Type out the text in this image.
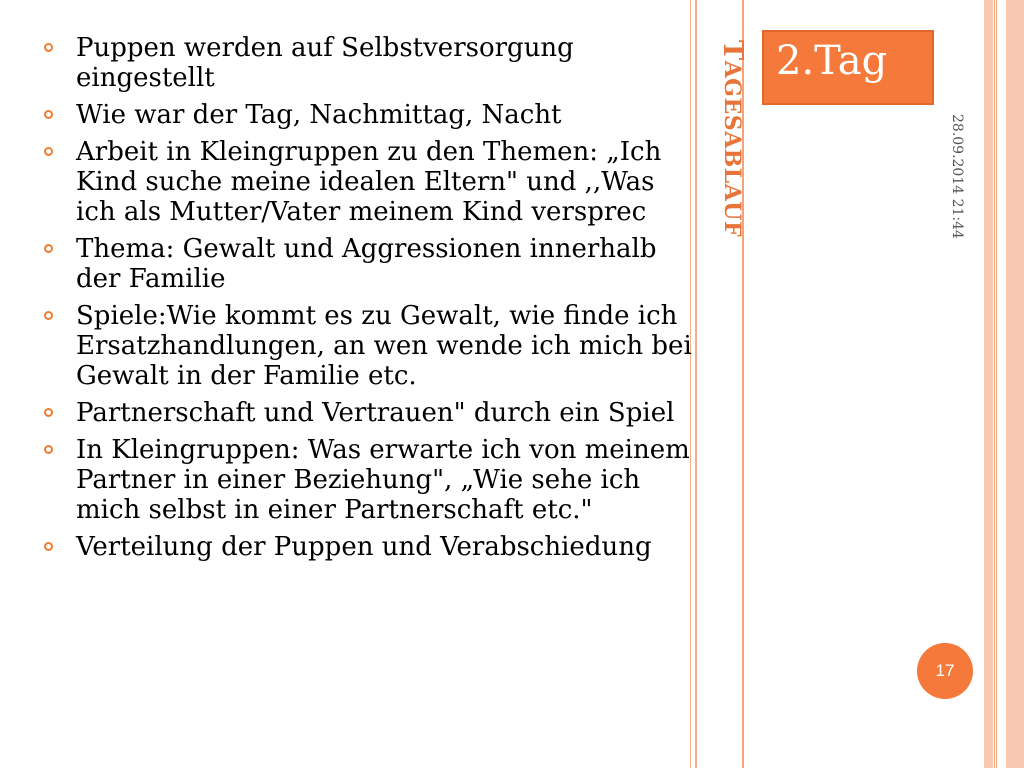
Puppen werden auf Selbstversorgung eingestellt
Wie war der Tag, Nachmittag, Nacht
Arbeit in Kleingruppen zu den Themen: „Ich Kind suche meine idealen Eltern" und ,,Was ich als Mutter/Vater meinem Kind versprec
Thema: Gewalt und Aggressionen innerhalb der Familie
Spiele:Wie kommt es zu Gewalt, wie finde ich Ersatzhandlungen, an wen wende ich mich bei Gewalt in der Familie etc.
Partnerschaft und Vertrauen" durch ein Spiel
In Kleingruppen: Was erwarte ich von meinem Partner in einer Beziehung", „Wie sehe ich mich selbst in einer Partnerschaft etc."
Verteilung der Puppen und Verabschiedung
TAGESABLAUF 2.Tag
28.09.2014 21:44
17
